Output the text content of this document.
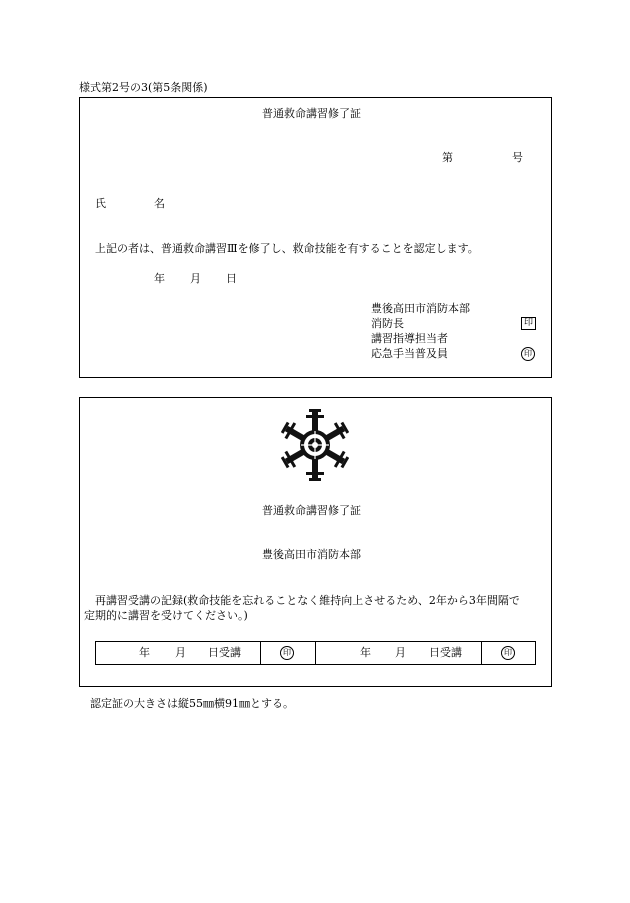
様式第2号の3(第5条関係)
普通救命講習修了証
第	号
氏	名
上記の者は、普通救命講習Ⅲを修了し、救命技能を有することを認定します。
年 月 日
豊後高田市消防本部
消防長	印
講習指導担当者
応急手当普及員	印
普通救命講習修了証
豊後高田市消防本部
再講習受講の記録(救命技能を忘れることなく維持向上させるため、2年から3年間隔で
定期的に講習を受けてください。)
年 月 日受講	印	年 月 日受講	印
認定証の大きさは縦55㎜横91㎜とする。
